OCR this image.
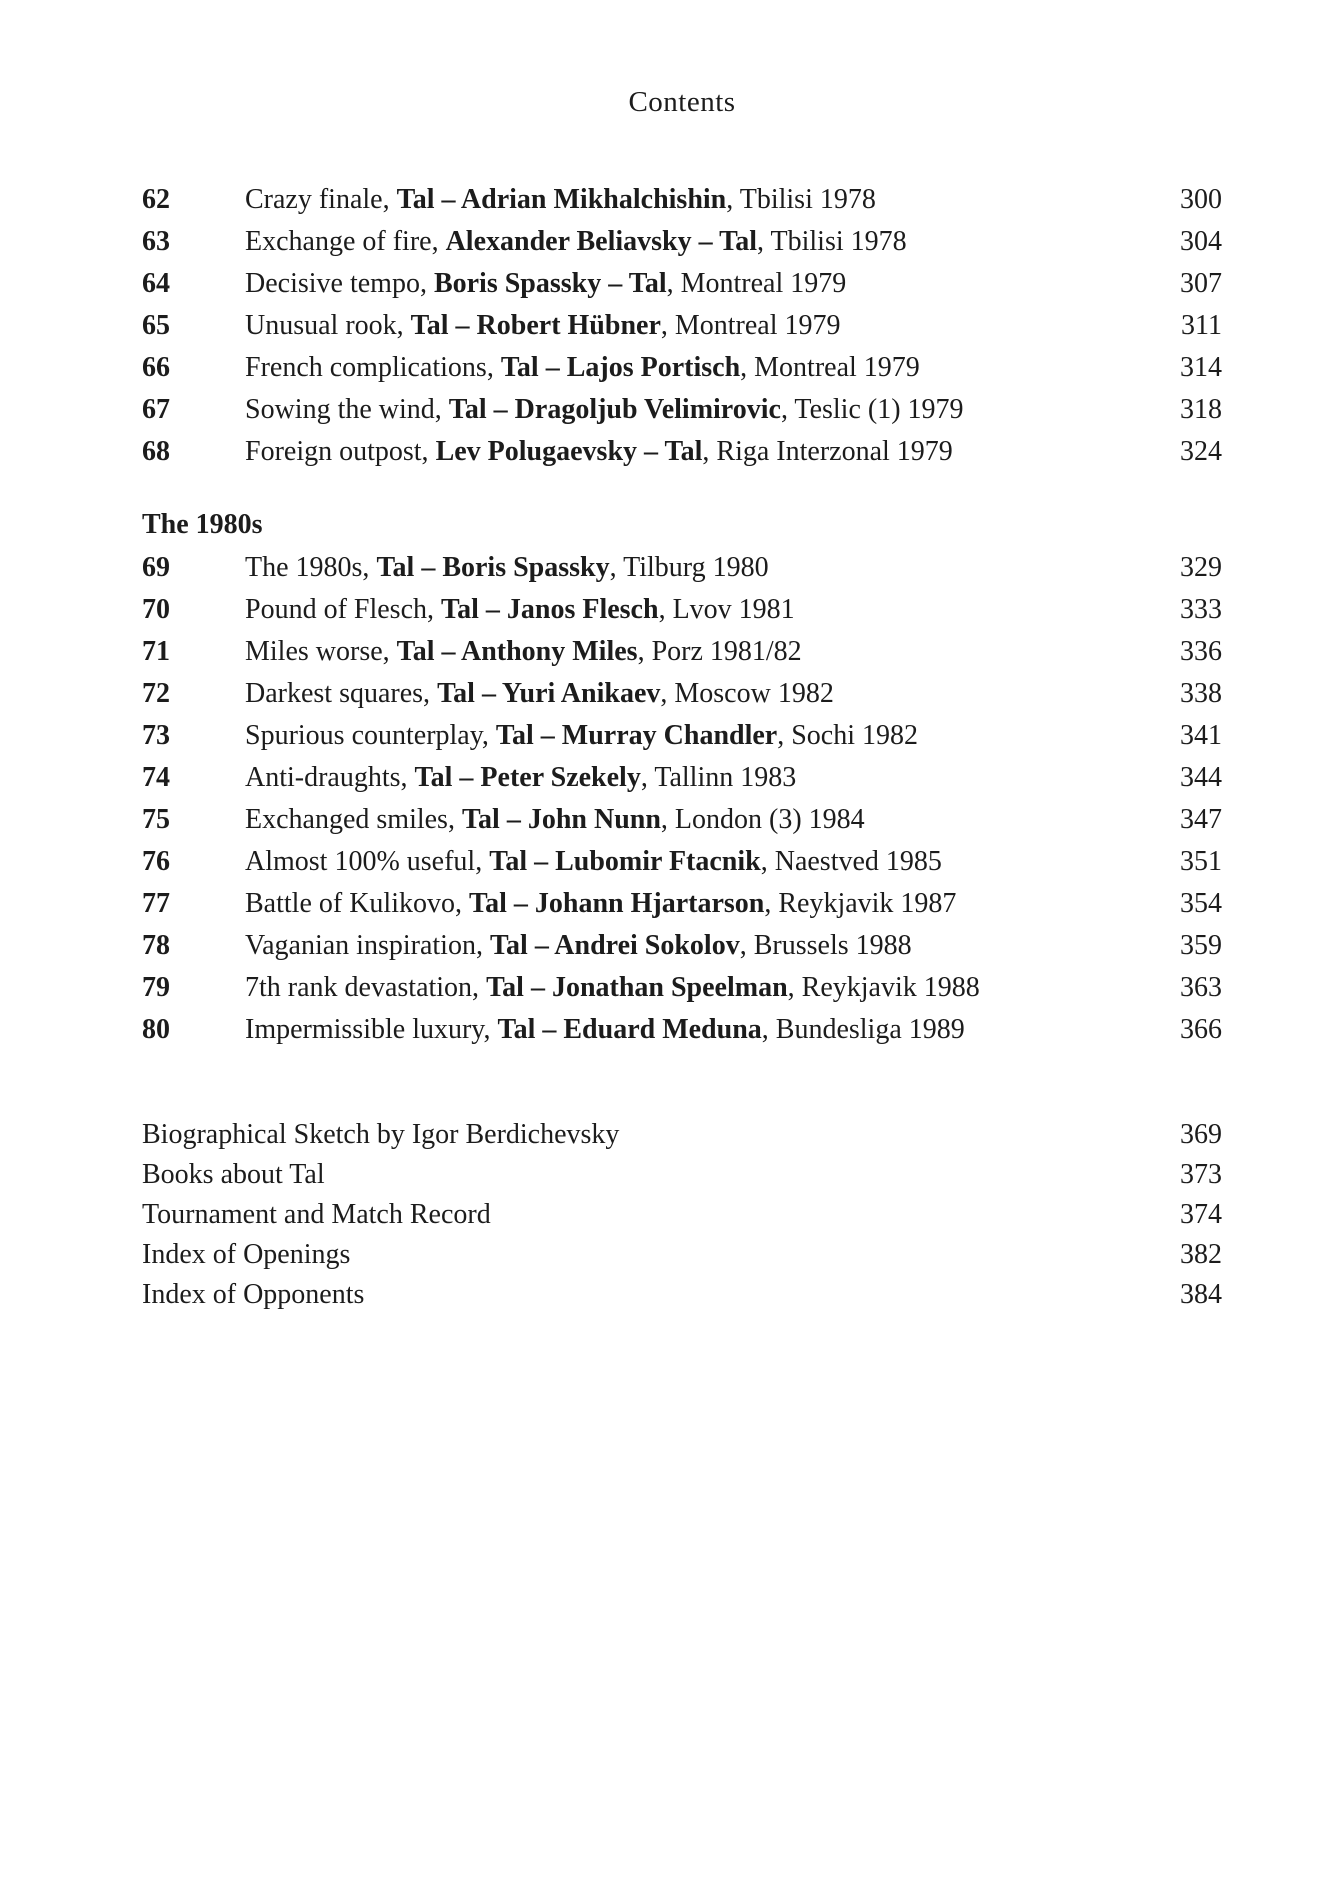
Contents
62	Crazy finale, Tal – Adrian Mikhalchishin, Tbilisi 1978	300
63	Exchange of fire, Alexander Beliavsky – Tal, Tbilisi 1978	304
64	Decisive tempo, Boris Spassky – Tal, Montreal 1979	307
65	Unusual rook, Tal – Robert Hübner, Montreal 1979	311
66	French complications, Tal – Lajos Portisch, Montreal 1979	314
67	Sowing the wind, Tal – Dragoljub Velimirovic, Teslic (1) 1979	318
68	Foreign outpost, Lev Polugaevsky – Tal, Riga Interzonal 1979	324
The 1980s
69	The 1980s, Tal – Boris Spassky, Tilburg 1980	329
70	Pound of Flesch, Tal – Janos Flesch, Lvov 1981	333
71	Miles worse, Tal – Anthony Miles, Porz 1981/82	336
72	Darkest squares, Tal – Yuri Anikaev, Moscow 1982	338
73	Spurious counterplay, Tal – Murray Chandler, Sochi 1982	341
74	Anti-draughts, Tal – Peter Szekely, Tallinn 1983	344
75	Exchanged smiles, Tal – John Nunn, London (3) 1984	347
76	Almost 100% useful, Tal – Lubomir Ftacnik, Naestved 1985	351
77	Battle of Kulikovo, Tal – Johann Hjartarson, Reykjavik 1987	354
78	Vaganian inspiration, Tal – Andrei Sokolov, Brussels 1988	359
79	7th rank devastation, Tal – Jonathan Speelman, Reykjavik 1988	363
80	Impermissible luxury, Tal – Eduard Meduna, Bundesliga 1989	366
Biographical Sketch by Igor Berdichevsky	369
Books about Tal	373
Tournament and Match Record	374
Index of Openings	382
Index of Opponents	384
